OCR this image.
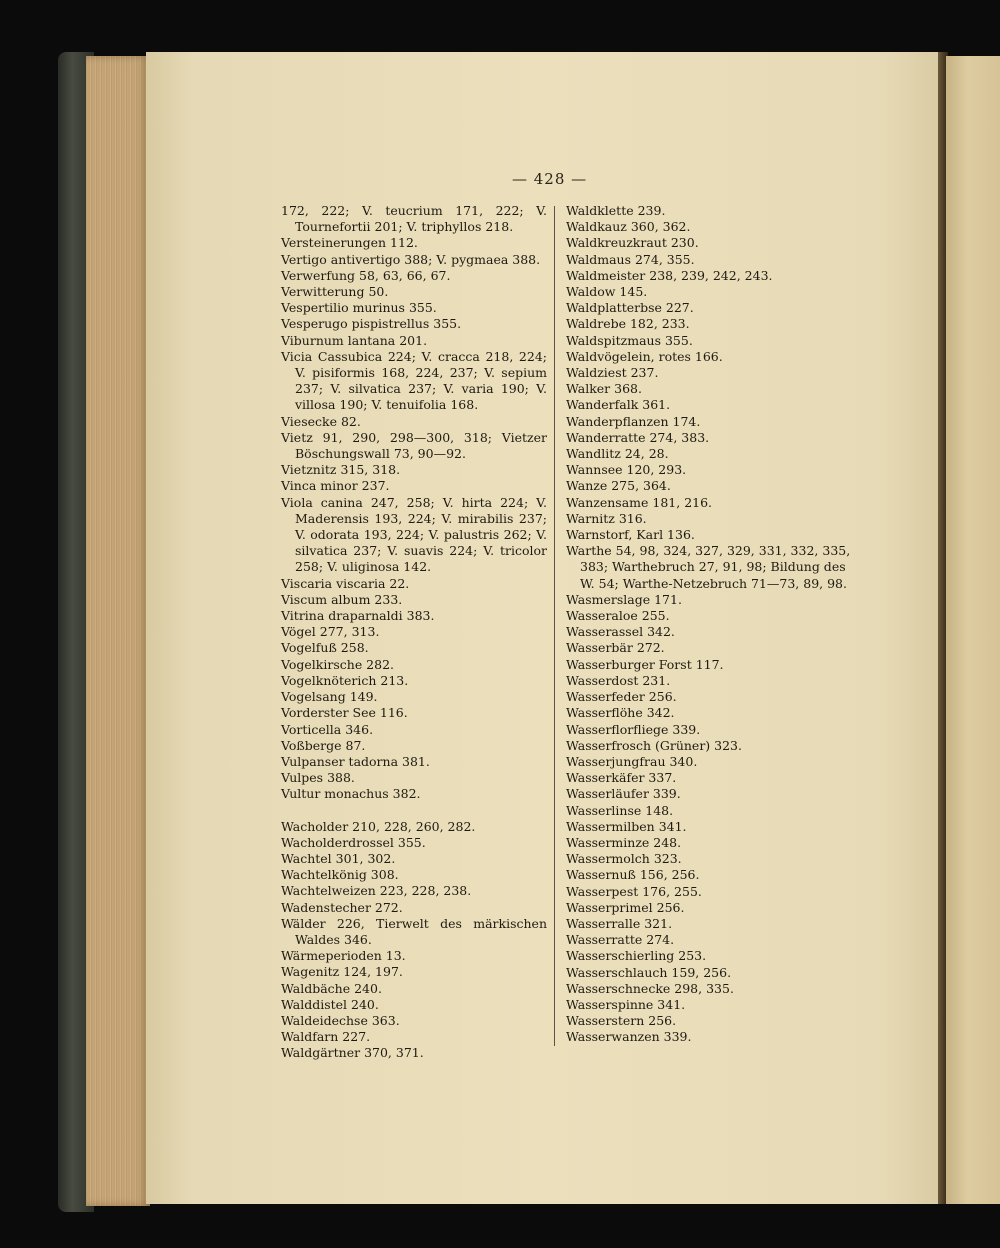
— 428 —

172, 222; V. teucrium 171, 222; V. Tournefortii 201; V. triphyllos 218.

Versteinerungen 112.

Vertigo antivertigo 388; V. pygmaea 388.

Verwerfung 58, 63, 66, 67.

Verwitterung 50.

Vespertilio murinus 355.

Vesperugo pispistrellus 355.

Viburnum lantana 201.

Vicia Cassubica 224; V. cracca 218, 224; V. pisiformis 168, 224, 237; V. sepium 237; V. silvatica 237; V. varia 190; V. villosa 190; V. tenuifolia 168.

Viesecke 82.

Vietz 91, 290, 298—300, 318; Vietzer Böschungswall 73, 90—92.

Vietznitz 315, 318.

Vinca minor 237.

Viola canina 247, 258; V. hirta 224; V. Maderensis 193, 224; V. mirabilis 237; V. odorata 193, 224; V. palustris 262; V. silvatica 237; V. suavis 224; V. tricolor 258; V. uliginosa 142.

Viscaria viscaria 22.

Viscum album 233.

Vitrina draparnaldi 383.

Vögel 277, 313.

Vogelfuß 258.

Vogelkirsche 282.

Vogelknöterich 213.

Vogelsang 149.

Vorderster See 116.

Vorticella 346.

Voßberge 87.

Vulpanser tadorna 381.

Vulpes 388.

Vultur monachus 382.

Wacholder 210, 228, 260, 282.

Wacholderdrossel 355.

Wachtel 301, 302.

Wachtelkönig 308.

Wachtelweizen 223, 228, 238.

Wadenstecher 272.

Wälder 226, Tierwelt des märkischen Waldes 346.

Wärmeperioden 13.

Wagenitz 124, 197.

Waldbäche 240.

Walddistel 240.

Waldeidechse 363.

Waldfarn 227.

Waldgärtner 370, 371.

Waldklette 239.

Waldkauz 360, 362.

Waldkreuzkraut 230.

Waldmaus 274, 355.

Waldmeister 238, 239, 242, 243.

Waldow 145.

Waldplatterbse 227.

Waldrebe 182, 233.

Waldspitzmaus 355.

Waldvögelein, rotes 166.

Waldziest 237.

Walker 368.

Wanderfalk 361.

Wanderpflanzen 174.

Wanderratte 274, 383.

Wandlitz 24, 28.

Wannsee 120, 293.

Wanze 275, 364.

Wanzensame 181, 216.

Warnitz 316.

Warnstorf, Karl 136.

Warthe 54, 98, 324, 327, 329, 331, 332, 335, 383; Warthebruch 27, 91, 98; Bildung des W. 54; Warthe-Netzebruch 71—73, 89, 98.

Wasmerslage 171.

Wasseraloe 255.

Wasserassel 342.

Wasserbär 272.

Wasserburger Forst 117.

Wasserdost 231.

Wasserfeder 256.

Wasserflöhe 342.

Wasserflorfliege 339.

Wasserfrosch (Grüner) 323.

Wasserjungfrau 340.

Wasserkäfer 337.

Wasserläufer 339.

Wasserlinse 148.

Wassermilben 341.

Wasserminze 248.

Wassermolch 323.

Wassernuß 156, 256.

Wasserpest 176, 255.

Wasserprimel 256.

Wasserralle 321.

Wasserratte 274.

Wasserschierling 253.

Wasserschlauch 159, 256.

Wasserschnecke 298, 335.

Wasserspinne 341.

Wasserstern 256.

Wasserwanzen 339.
